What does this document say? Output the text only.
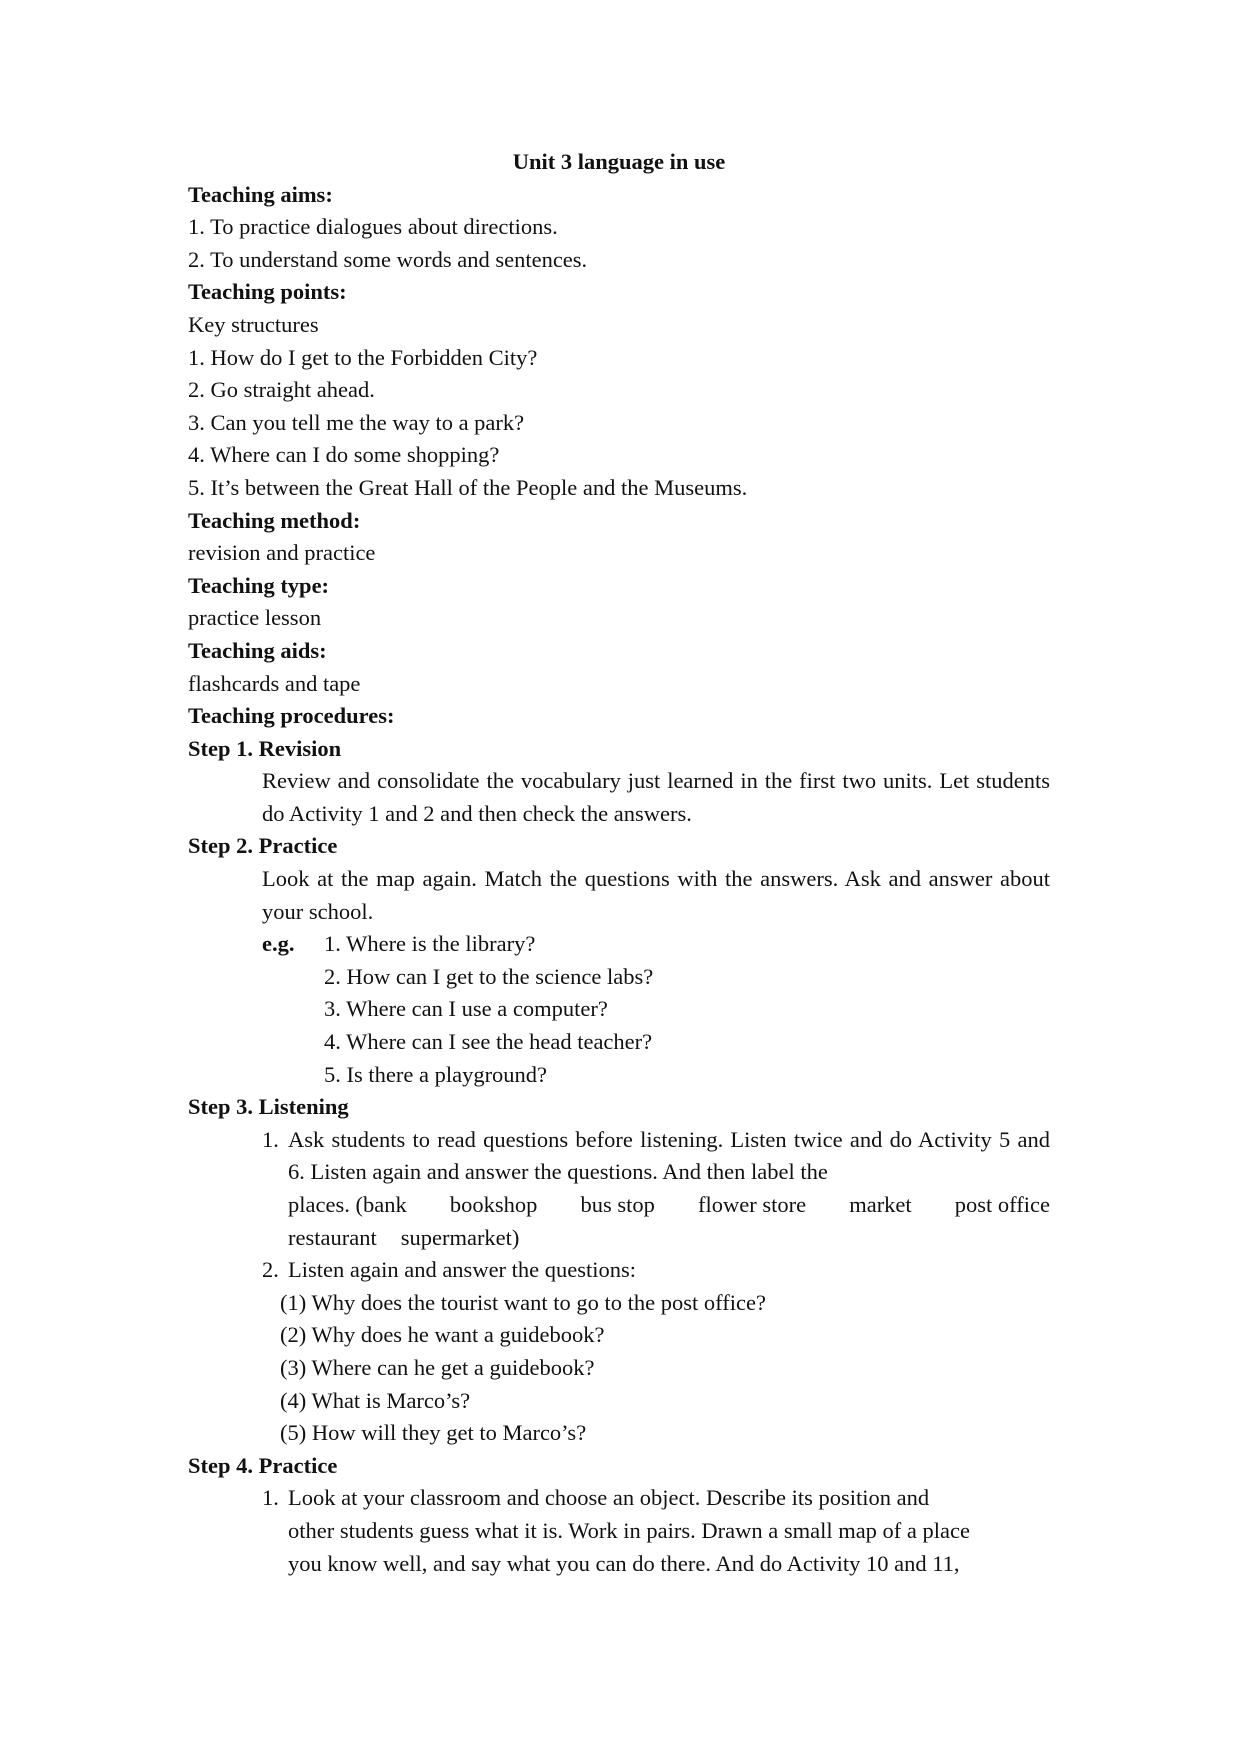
Unit 3 language in use
Teaching aims:
1. To practice dialogues about directions.
2. To understand some words and sentences.
Teaching points:
Key structures
1. How do I get to the Forbidden City?
2. Go straight ahead.
3. Can you tell me the way to a park?
4. Where can I do some shopping?
5. It’s between the Great Hall of the People and the Museums.
Teaching method:
revision and practice
Teaching type:
practice lesson
Teaching aids:
flashcards and tape
Teaching procedures:
Step 1. Revision
Review and consolidate the vocabulary just learned in the first two units. Let students do Activity 1 and 2 and then check the answers.
Step 2. Practice
Look at the map again. Match the questions with the answers. Ask and answer about your school.
e.g.	1. Where is the library?
2. How can I get to the science labs?
3. Where can I use a computer?
4. Where can I see the head teacher?
5. Is there a playground?
Step 3. Listening
1. Ask students to read questions before listening. Listen twice and do Activity 5 and 6. Listen again and answer the questions. And then label the
places. (bank bookshop bus stop flower store market post office
restaurant supermarket)
2. Listen again and answer the questions:
(1) Why does the tourist want to go to the post office?
(2) Why does he want a guidebook?
(3) Where can he get a guidebook?
(4) What is Marco’s?
(5) How will they get to Marco’s?
Step 4. Practice
1. Look at your classroom and choose an object. Describe its position and
other students guess what it is. Work in pairs. Drawn a small map of a place
you know well, and say what you can do there. And do Activity 10 and 11,
